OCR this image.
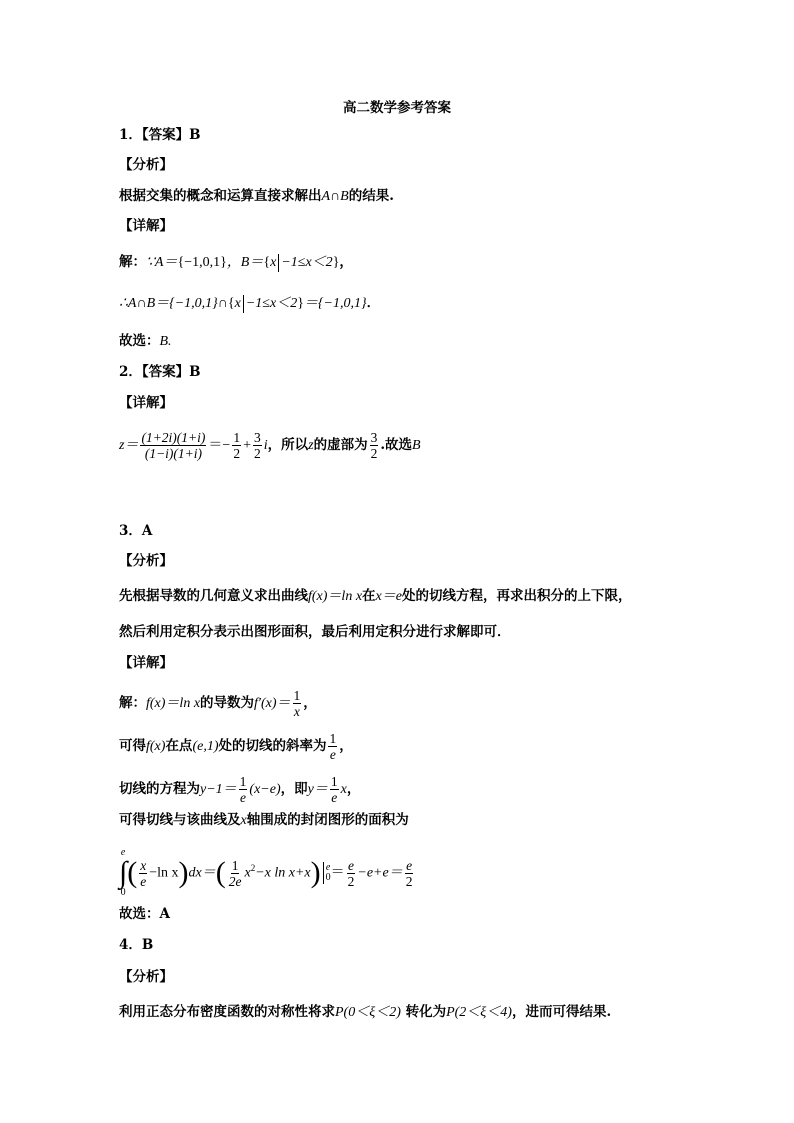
高二数学参考答案
1．【答案】B
【分析】
根据交集的概念和运算直接求解出A∩B的结果.
【详解】
解：∵A＝{−1,0,1}，B＝{x −1≤x＜2}，
∴A∩B＝{−1,0,1}∩{x −1≤x＜2}＝{−1,0,1}．
故选：B.
2．【答案】B
【详解】
$z= \frac{(1+2i)(1+i)}{(1-i)(1+i)} =- \frac{1}{2} + \frac{3}{2}$ i，所以z的虚部为 $\frac{3}{2}$ .故选B
3．A
【分析】
先根据导数的几何意义求出曲线f(x)＝ln x在x＝e处的切线方程，再求出积分的上下限，
然后利用定积分表示出图形面积，最后利用定积分进行求解即可．
【详解】
解：f(x)＝ln x的导数为$f'(x)= \frac{1}{x}$ ，
可得f(x)在点(e,1)处的切线的斜率为 $\frac{1}{e}$ ，
切线的方程为$y-1= \frac{1}{e} (x-e)$，即$y= \frac{1}{e}$ x，
可得切线与该曲线及x轴围成的封闭图形的面积为
e
∫
0
( $\frac{x}{e} -\ln$ $x)dx=( \frac{1}{2e} x^2-x$ ln x+x) e
$0 = \frac{e}{2} -e+e= \frac{e}{2}$
故选：A
4．B
【分析】
利用正态分布密度函数的对称性将求P(0＜ξ＜2) 转化为P(2＜ξ＜4)，进而可得结果.
